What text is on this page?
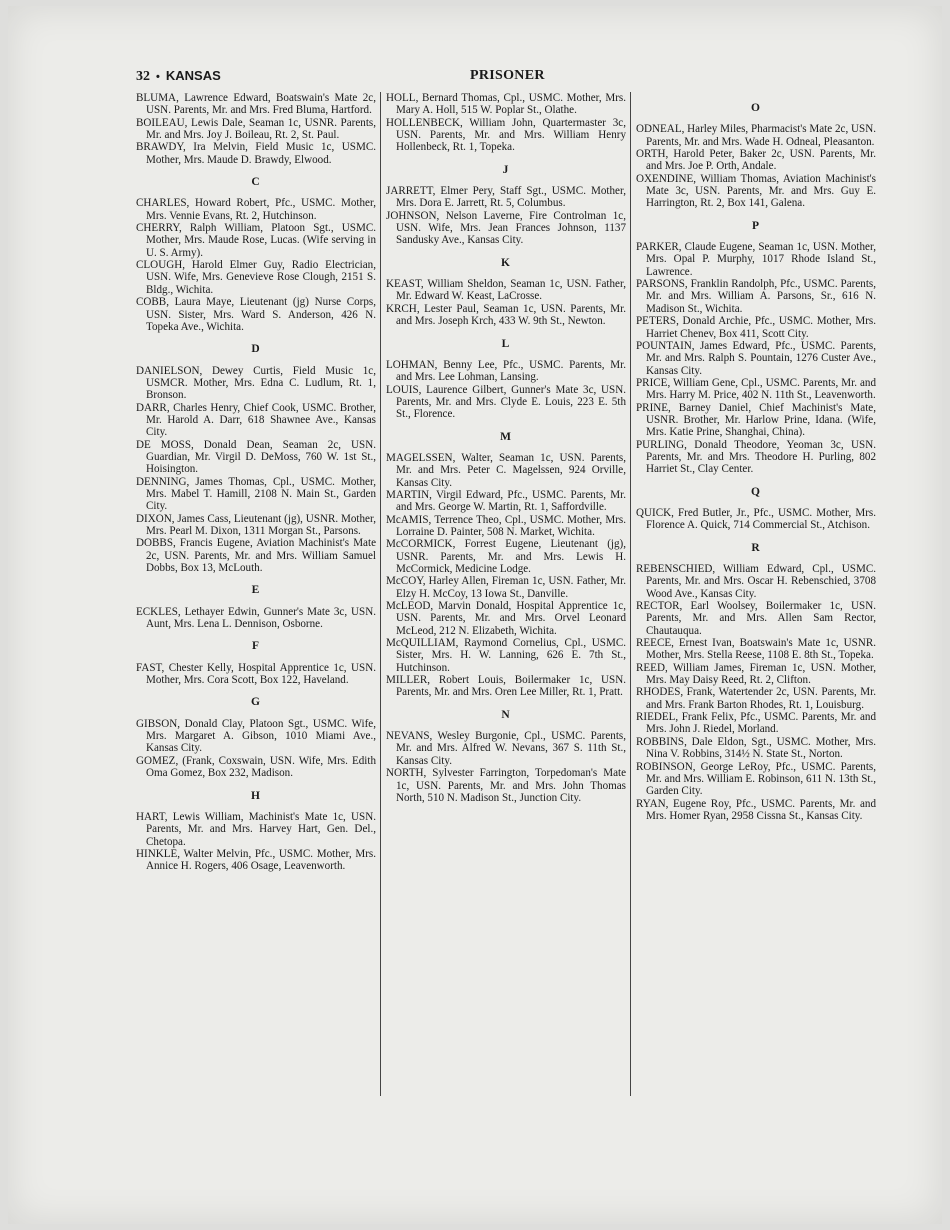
32 • KANSAS	PRISONER

BLUMA, Lawrence Edward, Boatswain's Mate 2c, USN. Parents, Mr. and Mrs. Fred Bluma, Hartford.

BOILEAU, Lewis Dale, Seaman 1c, USNR. Parents, Mr. and Mrs. Joy J. Boileau, Rt. 2, St. Paul.

BRAWDY, Ira Melvin, Field Music 1c, USMC. Mother, Mrs. Maude D. Brawdy, Elwood.

C

CHARLES, Howard Robert, Pfc., USMC. Mother, Mrs. Vennie Evans, Rt. 2, Hutchinson.

CHERRY, Ralph William, Platoon Sgt., USMC. Mother, Mrs. Maude Rose, Lucas. (Wife serving in U. S. Army).

CLOUGH, Harold Elmer Guy, Radio Electrician, USN. Wife, Mrs. Genevieve Rose Clough, 2151 S. Bldg., Wichita.

COBB, Laura Maye, Lieutenant (jg) Nurse Corps, USN. Sister, Mrs. Ward S. Anderson, 426 N. Topeka Ave., Wichita.

D

DANIELSON, Dewey Curtis, Field Music 1c, USMCR. Mother, Mrs. Edna C. Ludlum, Rt. 1, Bronson.

DARR, Charles Henry, Chief Cook, USMC. Brother, Mr. Harold A. Darr, 618 Shawnee Ave., Kansas City.

DE MOSS, Donald Dean, Seaman 2c, USN. Guardian, Mr. Virgil D. DeMoss, 760 W. 1st St., Hoisington.

DENNING, James Thomas, Cpl., USMC. Mother, Mrs. Mabel T. Hamill, 2108 N. Main St., Garden City.

DIXON, James Cass, Lieutenant (jg), USNR. Mother, Mrs. Pearl M. Dixon, 1311 Morgan St., Parsons.

DOBBS, Francis Eugene, Aviation Machinist's Mate 2c, USN. Parents, Mr. and Mrs. William Samuel Dobbs, Box 13, McLouth.

E

ECKLES, Lethayer Edwin, Gunner's Mate 3c, USN. Aunt, Mrs. Lena L. Dennison, Osborne.

F

FAST, Chester Kelly, Hospital Apprentice 1c, USN. Mother, Mrs. Cora Scott, Box 122, Haveland.

G

GIBSON, Donald Clay, Platoon Sgt., USMC. Wife, Mrs. Margaret A. Gibson, 1010 Miami Ave., Kansas City.

GOMEZ, (Frank, Coxswain, USN. Wife, Mrs. Edith Oma Gomez, Box 232, Madison.

H

HART, Lewis William, Machinist's Mate 1c, USN. Parents, Mr. and Mrs. Harvey Hart, Gen. Del., Chetopa.

HINKLE, Walter Melvin, Pfc., USMC. Mother, Mrs. Annice H. Rogers, 406 Osage, Leavenworth.

HOLL, Bernard Thomas, Cpl., USMC. Mother, Mrs. Mary A. Holl, 515 W. Poplar St., Olathe.

HOLLENBECK, William John, Quartermaster 3c, USN. Parents, Mr. and Mrs. William Henry Hollenbeck, Rt. 1, Topeka.

J

JARRETT, Elmer Pery, Staff Sgt., USMC. Mother, Mrs. Dora E. Jarrett, Rt. 5, Columbus.

JOHNSON, Nelson Laverne, Fire Controlman 1c, USN. Wife, Mrs. Jean Frances Johnson, 1137 Sandusky Ave., Kansas City.

K

KEAST, William Sheldon, Seaman 1c, USN. Father, Mr. Edward W. Keast, LaCrosse.

KRCH, Lester Paul, Seaman 1c, USN. Parents, Mr. and Mrs. Joseph Krch, 433 W. 9th St., Newton.

L

LOHMAN, Benny Lee, Pfc., USMC. Parents, Mr. and Mrs. Lee Lohman, Lansing.

LOUIS, Laurence Gilbert, Gunner's Mate 3c, USN. Parents, Mr. and Mrs. Clyde E. Louis, 223 E. 5th St., Florence.

M

MAGELSSEN, Walter, Seaman 1c, USN. Parents, Mr. and Mrs. Peter C. Magelssen, 924 Orville, Kansas City.

MARTIN, Virgil Edward, Pfc., USMC. Parents, Mr. and Mrs. George W. Martin, Rt. 1, Saffordville.

McAMIS, Terrence Theo, Cpl., USMC. Mother, Mrs. Lorraine D. Painter, 508 N. Market, Wichita.

McCORMICK, Forrest Eugene, Lieutenant (jg), USNR. Parents, Mr. and Mrs. Lewis H. McCormick, Medicine Lodge.

McCOY, Harley Allen, Fireman 1c, USN. Father, Mr. Elzy H. McCoy, 13 Iowa St., Danville.

McLEOD, Marvin Donald, Hospital Apprentice 1c, USN. Parents, Mr. and Mrs. Orvel Leonard McLeod, 212 N. Elizabeth, Wichita.

McQUILLIAM, Raymond Cornelius, Cpl., USMC. Sister, Mrs. H. W. Lanning, 626 E. 7th St., Hutchinson.

MILLER, Robert Louis, Boilermaker 1c, USN. Parents, Mr. and Mrs. Oren Lee Miller, Rt. 1, Pratt.

N

NEVANS, Wesley Burgonie, Cpl., USMC. Parents, Mr. and Mrs. Alfred W. Nevans, 367 S. 11th St., Kansas City.

NORTH, Sylvester Farrington, Torpedoman's Mate 1c, USN. Parents, Mr. and Mrs. John Thomas North, 510 N. Madison St., Junction City.

O

ODNEAL, Harley Miles, Pharmacist's Mate 2c, USN. Parents, Mr. and Mrs. Wade H. Odneal, Pleasanton.

ORTH, Harold Peter, Baker 2c, USN. Parents, Mr. and Mrs. Joe P. Orth, Andale.

OXENDINE, William Thomas, Aviation Machinist's Mate 3c, USN. Parents, Mr. and Mrs. Guy E. Harrington, Rt. 2, Box 141, Galena.

P

PARKER, Claude Eugene, Seaman 1c, USN. Mother, Mrs. Opal P. Murphy, 1017 Rhode Island St., Lawrence.

PARSONS, Franklin Randolph, Pfc., USMC. Parents, Mr. and Mrs. William A. Parsons, Sr., 616 N. Madison St., Wichita.

PETERS, Donald Archie, Pfc., USMC. Mother, Mrs. Harriet Chenev, Box 411, Scott City.

POUNTAIN, James Edward, Pfc., USMC. Parents, Mr. and Mrs. Ralph S. Pountain, 1276 Custer Ave., Kansas City.

PRICE, William Gene, Cpl., USMC. Parents, Mr. and Mrs. Harry M. Price, 402 N. 11th St., Leavenworth.

PRINE, Barney Daniel, Chief Machinist's Mate, USNR. Brother, Mr. Harlow Prine, Idana. (Wife, Mrs. Katie Prine, Shanghai, China).

PURLING, Donald Theodore, Yeoman 3c, USN. Parents, Mr. and Mrs. Theodore H. Purling, 802 Harriet St., Clay Center.

Q

QUICK, Fred Butler, Jr., Pfc., USMC. Mother, Mrs. Florence A. Quick, 714 Commercial St., Atchison.

R

REBENSCHIED, William Edward, Cpl., USMC. Parents, Mr. and Mrs. Oscar H. Rebenschied, 3708 Wood Ave., Kansas City.

RECTOR, Earl Woolsey, Boilermaker 1c, USN. Parents, Mr. and Mrs. Allen Sam Rector, Chautauqua.

REECE, Ernest Ivan, Boatswain's Mate 1c, USNR. Mother, Mrs. Stella Reese, 1108 E. 8th St., Topeka.

REED, William James, Fireman 1c, USN. Mother, Mrs. May Daisy Reed, Rt. 2, Clifton.

RHODES, Frank, Watertender 2c, USN. Parents, Mr. and Mrs. Frank Barton Rhodes, Rt. 1, Louisburg.

RIEDEL, Frank Felix, Pfc., USMC. Parents, Mr. and Mrs. John J. Riedel, Morland.

ROBBINS, Dale Eldon, Sgt., USMC. Mother, Mrs. Nina V. Robbins, 314½ N. State St., Norton.

ROBINSON, George LeRoy, Pfc., USMC. Parents, Mr. and Mrs. William E. Robinson, 611 N. 13th St., Garden City.

RYAN, Eugene Roy, Pfc., USMC. Parents, Mr. and Mrs. Homer Ryan, 2958 Cissna St., Kansas City.
